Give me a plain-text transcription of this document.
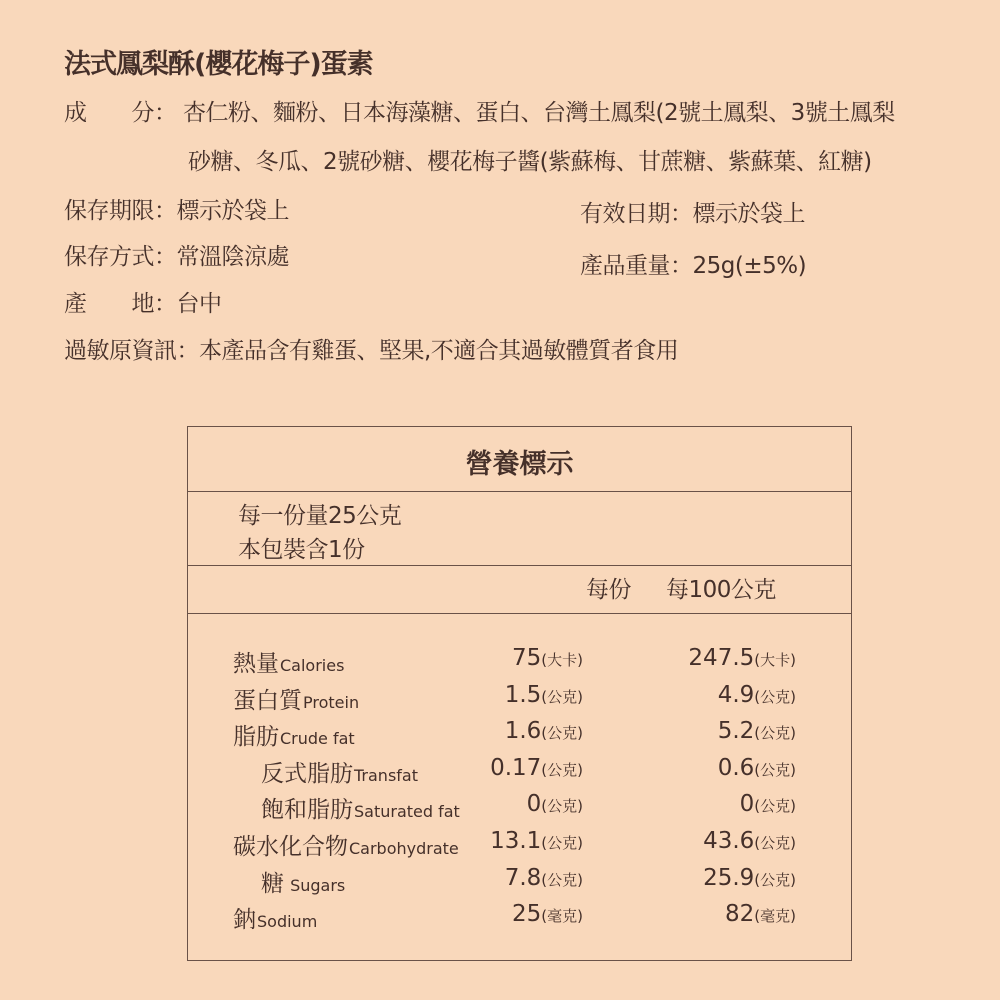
法式鳳梨酥(櫻花梅子)蛋素
成　　分： 杏仁粉、麵粉、日本海藻糖、蛋白、台灣土鳳梨(2號土鳳梨、3號土鳳梨
砂糖、冬瓜、2號砂糖、櫻花梅子醬(紫蘇梅、甘蔗糖、紫蘇葉、紅糖)
保存期限：標示於袋上	有效日期：標示於袋上
保存方式：常溫陰涼處	產品重量：25g(±5%)
產　　地：台中
過敏原資訊：本產品含有雞蛋、堅果,不適合其過敏體質者食用
營養標示
每一份量25公克
本包裝含1份
每份 每100公克
熱量Calories	75(大卡)	247.5(大卡)
蛋白質Protein	1.5(公克)	4.9(公克)
脂肪Crude fat	1.6(公克)	5.2(公克)
反式脂肪Transfat	0.17(公克)	0.6(公克)
飽和脂肪Saturated fat	0(公克)	0(公克)
碳水化合物Carbohydrate 13.1(公克)	43.6(公克)
糖 Sugars	7.8(公克)	25.9(公克)
鈉Sodium	25(毫克)	82(毫克)
